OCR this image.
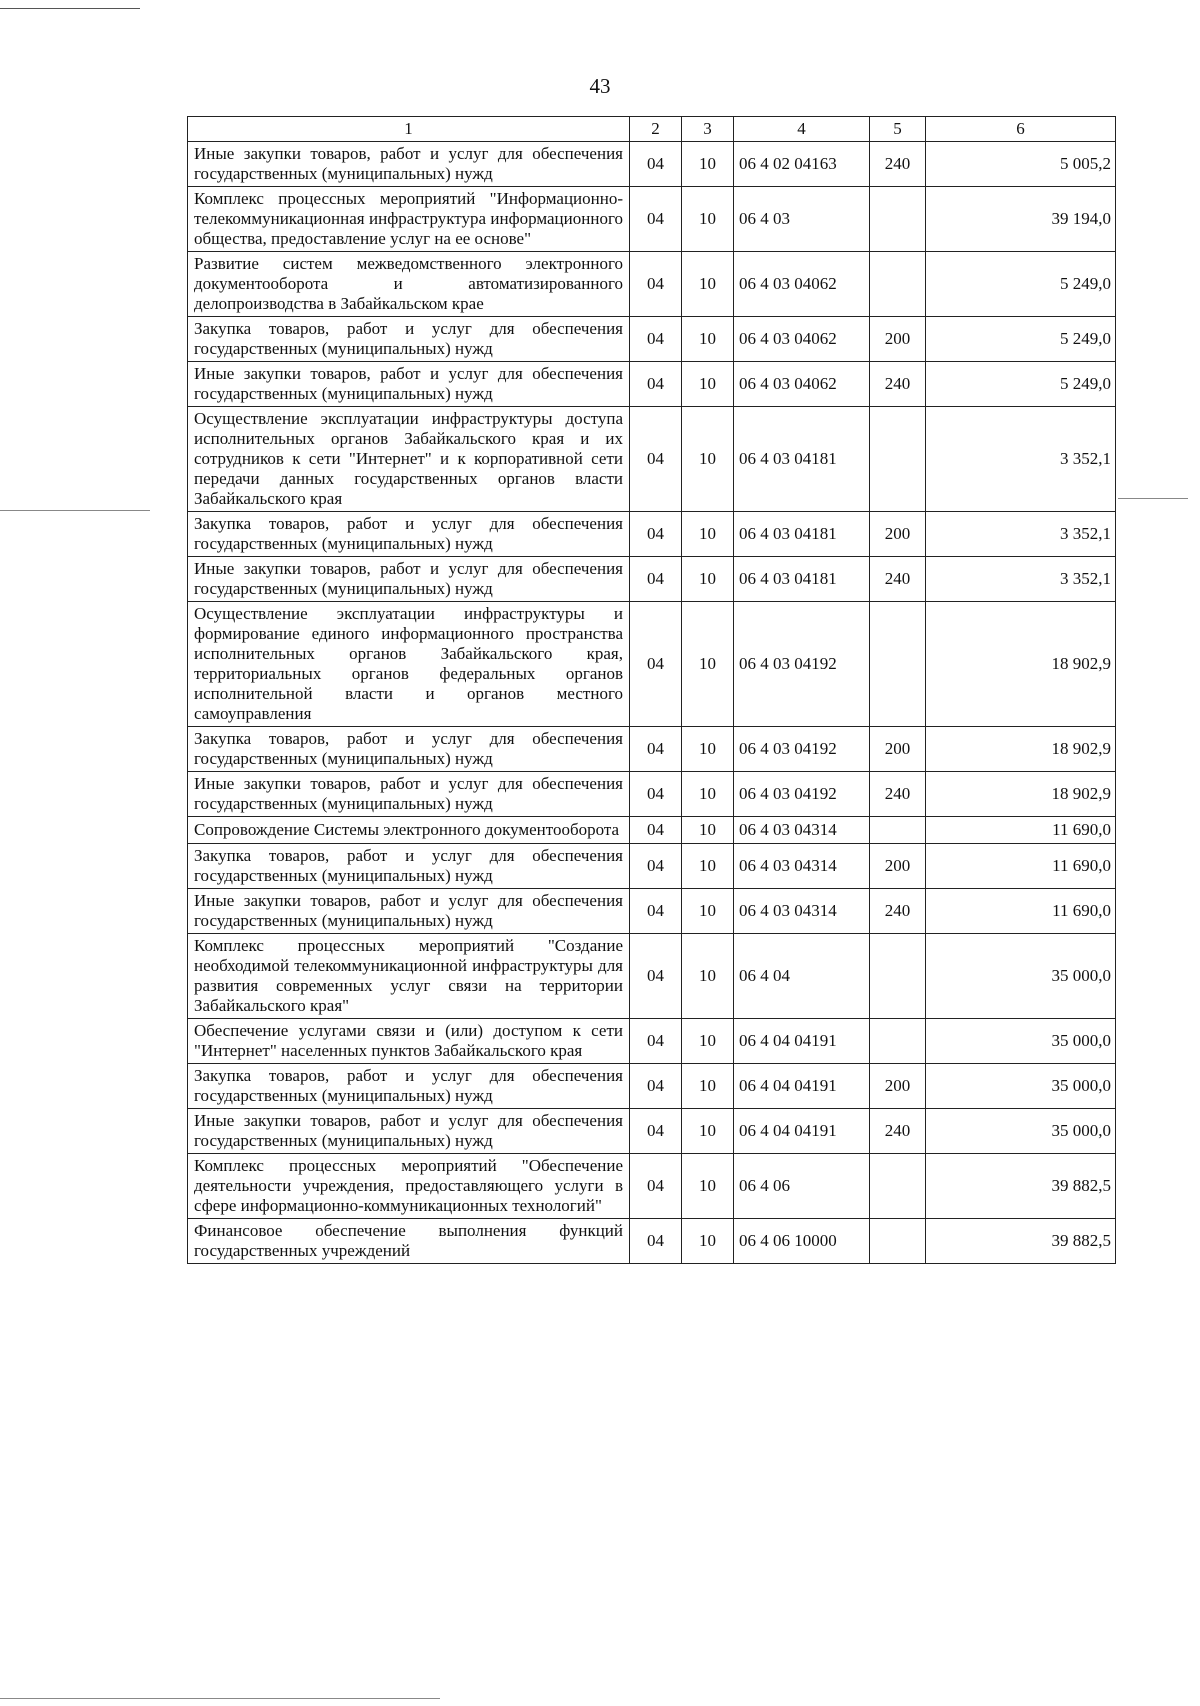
43
1	2	3	4	5	6
Иные закупки товаров, работ и услуг для обеспечения государственных (муниципальных) нужд	04	10	06 4 02 04163	240	5 005,2
Комплекс процессных мероприятий "Информационно-телекоммуникационная инфраструктура информационного общества, предоставление услуг на ее основе"	04	10	06 4 03		39 194,0
Развитие систем межведомственного электронного документооборота и автоматизированного делопроизводства в Забайкальском крае	04	10	06 4 03 04062		5 249,0
Закупка товаров, работ и услуг для обеспечения государственных (муниципальных) нужд	04	10	06 4 03 04062	200	5 249,0
Иные закупки товаров, работ и услуг для обеспечения государственных (муниципальных) нужд	04	10	06 4 03 04062	240	5 249,0
Осуществление эксплуатации инфраструктуры доступа исполнительных органов Забайкальского края и их сотрудников к сети "Интернет" и к корпоративной сети передачи данных государственных органов власти Забайкальского края	04	10	06 4 03 04181		3 352,1
Закупка товаров, работ и услуг для обеспечения государственных (муниципальных) нужд	04	10	06 4 03 04181	200	3 352,1
Иные закупки товаров, работ и услуг для обеспечения государственных (муниципальных) нужд	04	10	06 4 03 04181	240	3 352,1
Осуществление эксплуатации инфраструктуры и формирование единого информационного пространства исполнительных органов Забайкальского края, территориальных органов федеральных органов исполнительной власти и органов местного самоуправления	04	10	06 4 03 04192		18 902,9
Закупка товаров, работ и услуг для обеспечения государственных (муниципальных) нужд	04	10	06 4 03 04192	200	18 902,9
Иные закупки товаров, работ и услуг для обеспечения государственных (муниципальных) нужд	04	10	06 4 03 04192	240	18 902,9
Сопровождение Системы электронного документооборота	04	10	06 4 03 04314		11 690,0
Закупка товаров, работ и услуг для обеспечения государственных (муниципальных) нужд	04	10	06 4 03 04314	200	11 690,0
Иные закупки товаров, работ и услуг для обеспечения государственных (муниципальных) нужд	04	10	06 4 03 04314	240	11 690,0
Комплекс процессных мероприятий "Создание необходимой телекоммуникационной инфраструктуры для развития современных услуг связи на территории Забайкальского края"	04	10	06 4 04		35 000,0
Обеспечение услугами связи и (или) доступом к сети "Интернет" населенных пунктов Забайкальского края	04	10	06 4 04 04191		35 000,0
Закупка товаров, работ и услуг для обеспечения государственных (муниципальных) нужд	04	10	06 4 04 04191	200	35 000,0
Иные закупки товаров, работ и услуг для обеспечения государственных (муниципальных) нужд	04	10	06 4 04 04191	240	35 000,0
Комплекс процессных мероприятий "Обеспечение деятельности учреждения, предоставляющего услуги в сфере информационно-коммуникационных технологий"	04	10	06 4 06		39 882,5
Финансовое обеспечение выполнения функций государственных учреждений	04	10	06 4 06 10000		39 882,5
